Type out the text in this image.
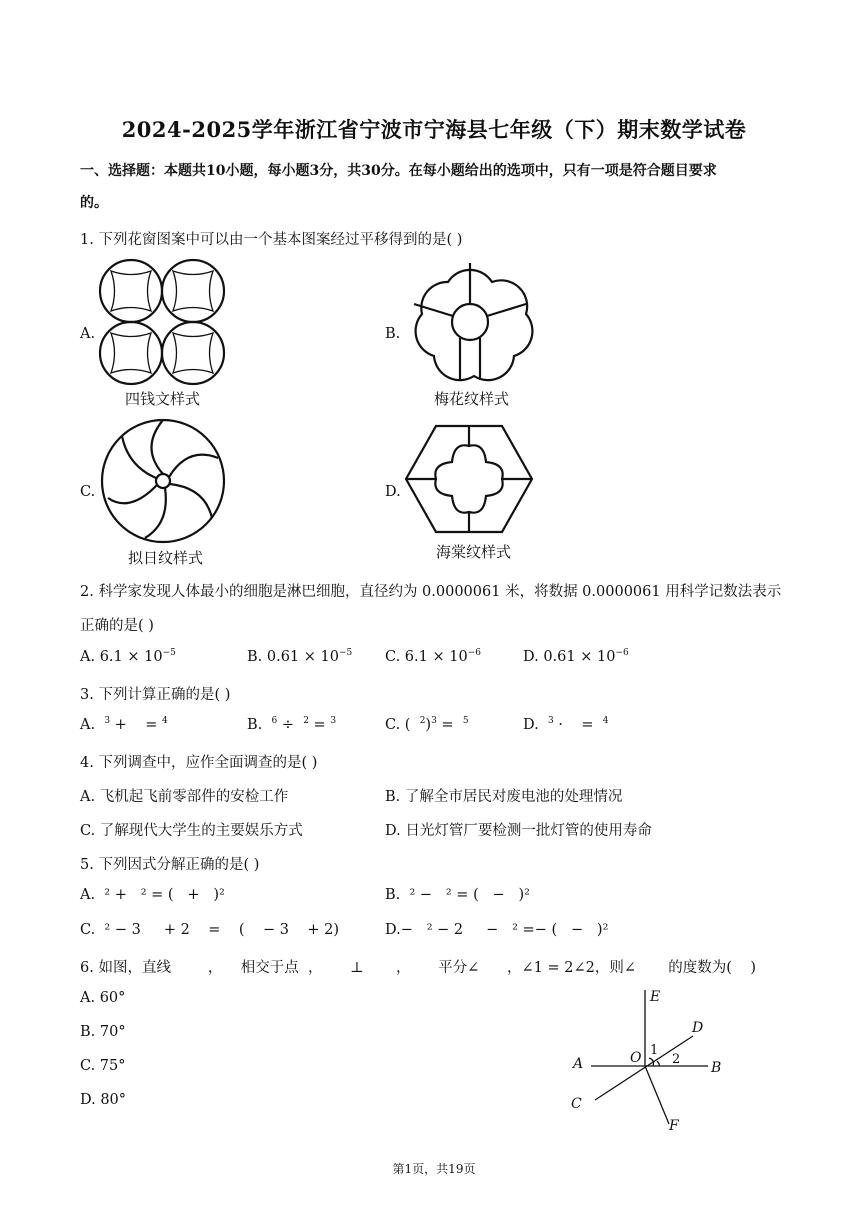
2024-2025学年浙江省宁波市宁海县七年级（下）期末数学试卷
一、选择题：本题共10小题，每小题3分，共30分。在每小题给出的选项中，只有一项是符合题目要求
的。
1. 下列花窗图案中可以由一个基本图案经过平移得到的是( )
A.
四钱文样式
B.
梅花纹样式
C.
拟日纹样式
D.
海棠纹样式
2. 科学家发现人体最小的细胞是淋巴细胞，直径约为 0.0000061 米，将数据 0.0000061 用科学记数法表示
正确的是( )
A. $6.1 \times 10^{-5}$	B. $0.61 \times 10^{-5}$ C. $6.1 \times 10^{-6}$	D. $0.61 \times 10^{-6}$
3. 下列计算正确的是( )
A. $^3$ +    = $^4$	B. $^6$ ÷  $^2$ = $^3$	C. (  $^2$)$^3$ =  $^5$	D. $^3$ ·    =  $^4$
4. 下列调查中，应作全面调查的是( )
A. 飞机起飞前零部件的安检工作	B. 了解全市居民对废电池的处理情况
C. 了解现代大学生的主要娱乐方式	D. 日光灯管厂要检测一批灯管的使用寿命
5. 下列因式分解正确的是( )
A.  ² +   ² = (   +   )²	B.  ² −   ² = (   −   )²
C.  ² − 3     + 2    =    (    − 3    + 2)	D.−   ² − 2     −   ² =− (   −   )²
6. 如图，直线        ，    相交于点  ，      ⊥       ，      平分∠      ，∠1 = 2∠2，则∠       的度数为(    )
A. 60°
B. 70°
C. 75°
D. 80°
E
D
A	B
C
F
O 1
2
第1页，共19页
